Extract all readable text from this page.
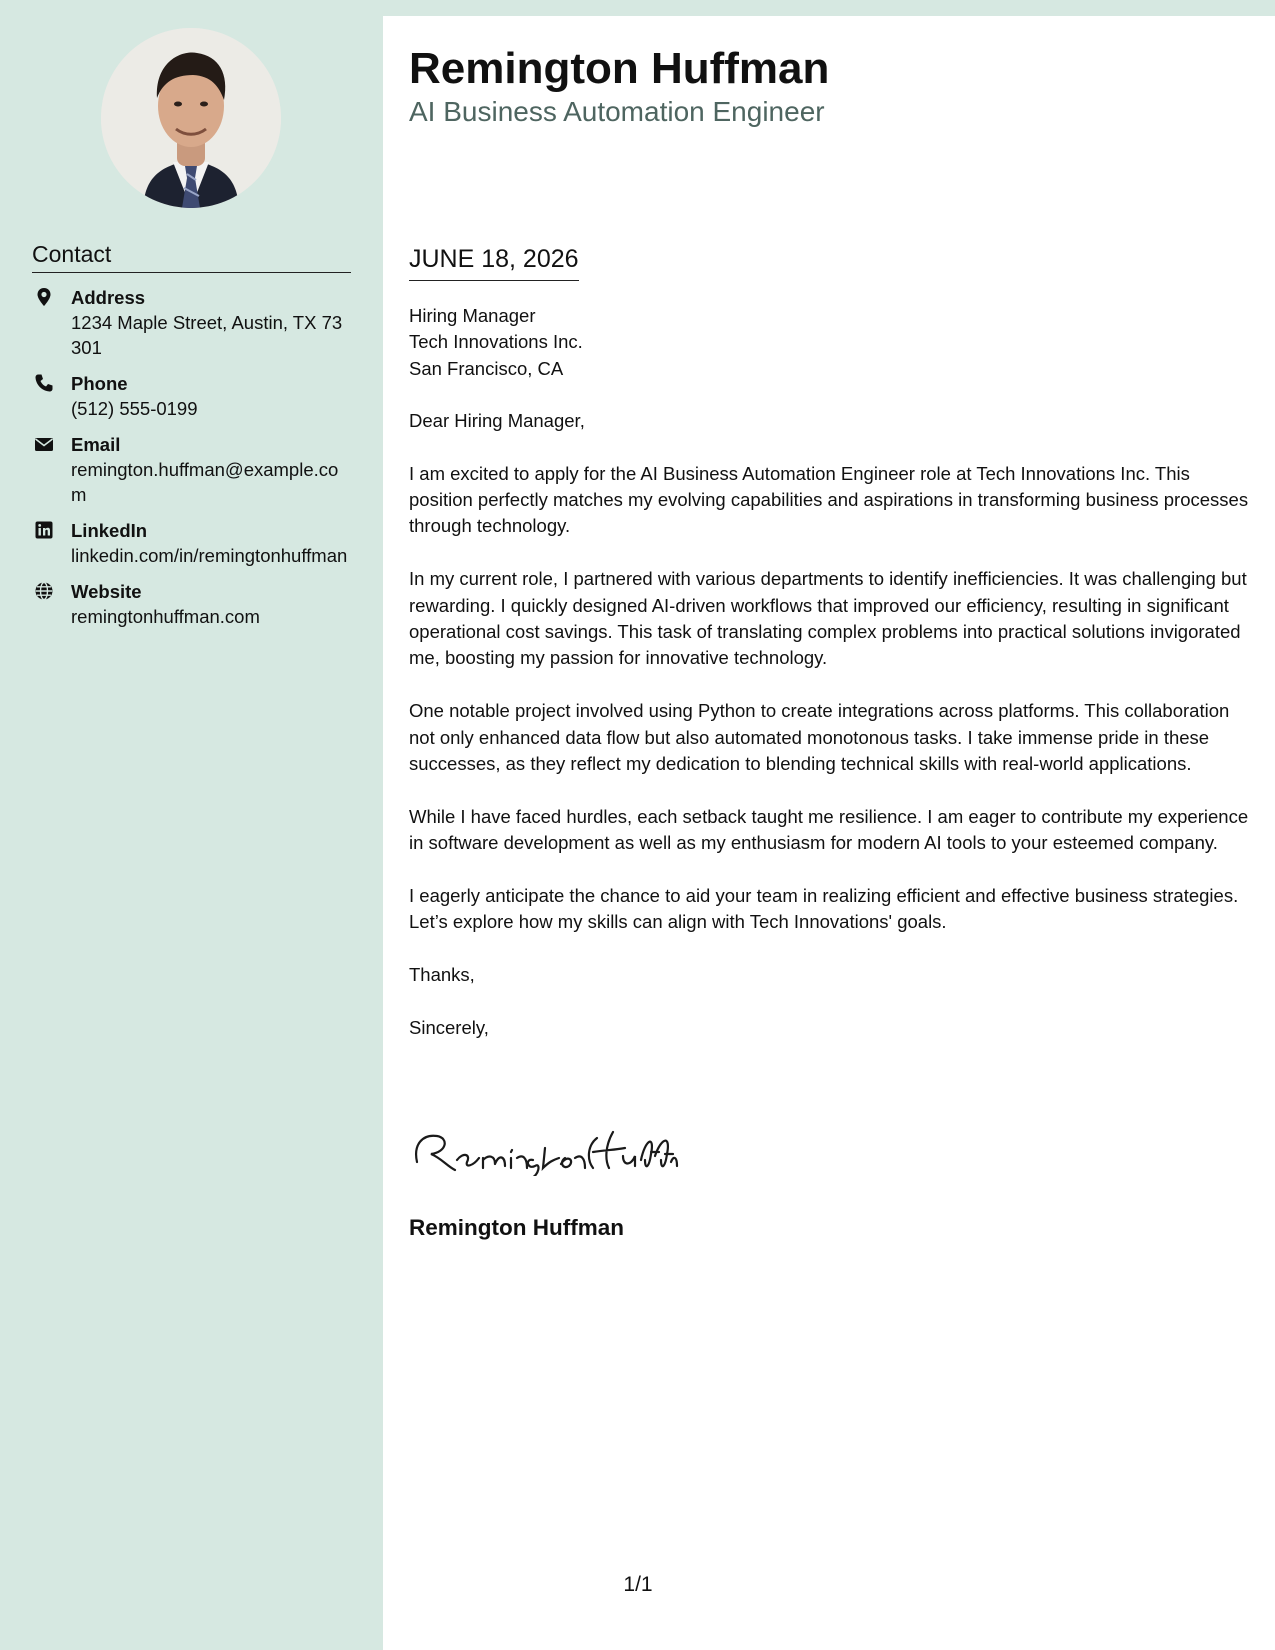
Contact
Address
1234 Maple Street, Austin, TX 73301
Phone
(512) 555-0199
Email
remington.huffman@example.com
LinkedIn
linkedin.com/in/remingtonhuffman
Website
remingtonhuffman.com
Remington Huffman
AI Business Automation Engineer
JUNE 18, 2026
Hiring Manager
Tech Innovations Inc.
San Francisco, CA

Dear Hiring Manager,

I am excited to apply for the AI Business Automation Engineer role at Tech Innovations Inc. This position perfectly matches my evolving capabilities and aspirations in transforming business processes through technology.

In my current role, I partnered with various departments to identify inefficiencies. It was challenging but rewarding. I quickly designed AI-driven workflows that improved our efficiency, resulting in significant operational cost savings. This task of translating complex problems into practical solutions invigorated me, boosting my passion for innovative technology.

One notable project involved using Python to create integrations across platforms. This collaboration not only enhanced data flow but also automated monotonous tasks. I take immense pride in these successes, as they reflect my dedication to blending technical skills with real-world applications.

While I have faced hurdles, each setback taught me resilience. I am eager to contribute my experience in software development as well as my enthusiasm for modern AI tools to your esteemed company.

I eagerly anticipate the chance to aid your team in realizing efficient and effective business strategies. Let’s explore how my skills can align with Tech Innovations' goals.

Thanks,

Sincerely,

Remington Huffman
1/1
